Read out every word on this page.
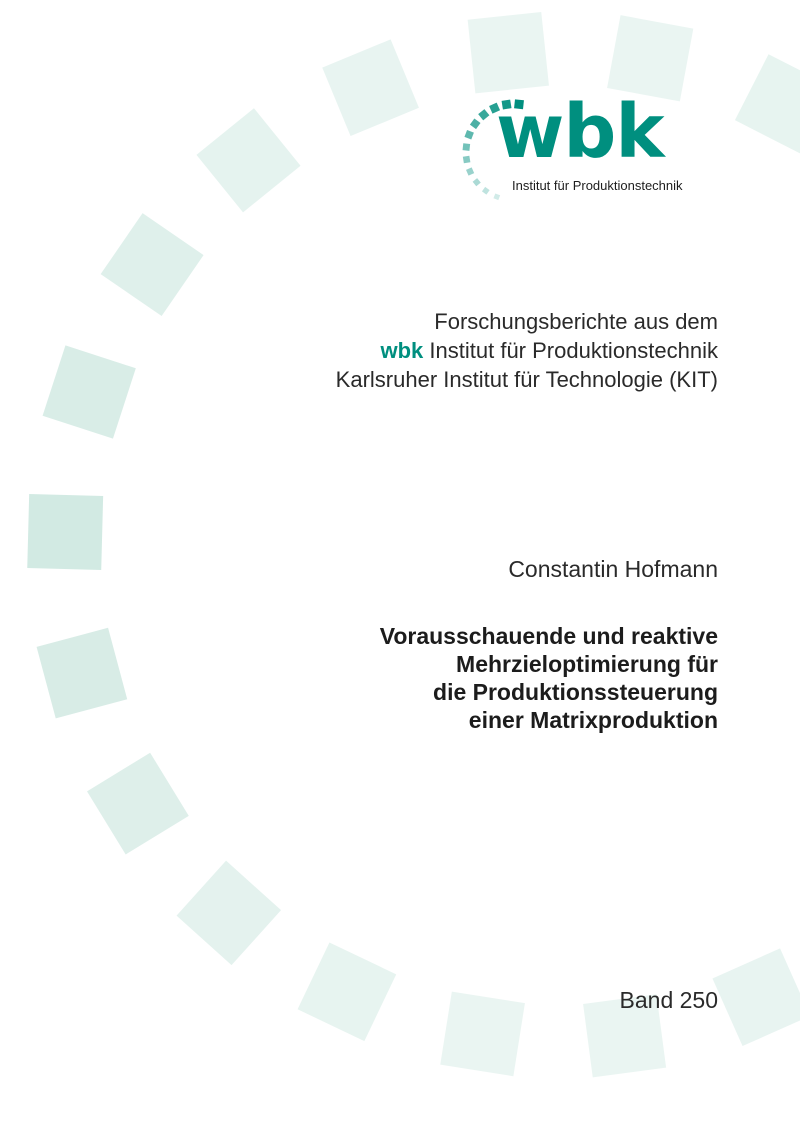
wbk
Institut für Produktionstechnik
Forschungsberichte aus dem
wbk Institut für Produktionstechnik
Karlsruher Institut für Technologie (KIT)
Constantin Hofmann
Vorausschauende und reaktive
Mehrzieloptimierung für
die Produktionssteuerung
einer Matrixproduktion
Band 250
